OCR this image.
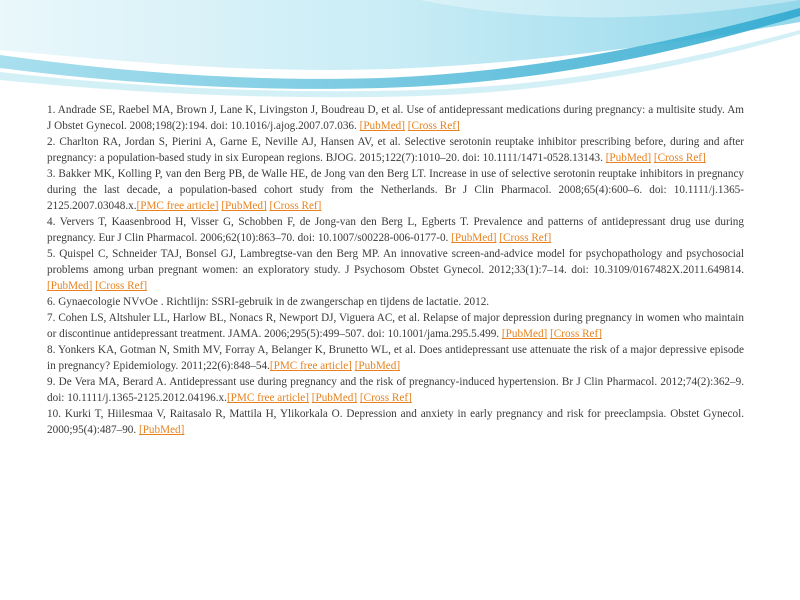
1. Andrade SE, Raebel MA, Brown J, Lane K, Livingston J, Boudreau D, et al. Use of antidepressant medications during pregnancy: a multisite study. Am J Obstet Gynecol. 2008;198(2):194. doi: 10.1016/j.ajog.2007.07.036. [PubMed] [Cross Ref]

2. Charlton RA, Jordan S, Pierini A, Garne E, Neville AJ, Hansen AV, et al. Selective serotonin reuptake inhibitor prescribing before, during and after pregnancy: a population-based study in six European regions. BJOG. 2015;122(7):1010–20. doi: 10.1111/1471-0528.13143. [PubMed] [Cross Ref]

3. Bakker MK, Kolling P, van den Berg PB, de Walle HE, de Jong van den Berg LT. Increase in use of selective serotonin reuptake inhibitors in pregnancy during the last decade, a population-based cohort study from the Netherlands. Br J Clin Pharmacol. 2008;65(4):600–6. doi: 10.1111/j.1365-2125.2007.03048.x.[PMC free article] [PubMed] [Cross Ref]

4. Ververs T, Kaasenbrood H, Visser G, Schobben F, de Jong-van den Berg L, Egberts T. Prevalence and patterns of antidepressant drug use during pregnancy. Eur J Clin Pharmacol. 2006;62(10):863–70. doi: 10.1007/s00228-006-0177-0. [PubMed] [Cross Ref]

5. Quispel C, Schneider TAJ, Bonsel GJ, Lambregtse-van den Berg MP. An innovative screen-and-advice model for psychopathology and psychosocial problems among urban pregnant women: an exploratory study. J Psychosom Obstet Gynecol. 2012;33(1):7–14. doi: 10.3109/0167482X.2011.649814. [PubMed] [Cross Ref]

6. Gynaecologie NVvOe . Richtlijn: SSRI-gebruik in de zwangerschap en tijdens de lactatie. 2012.

7. Cohen LS, Altshuler LL, Harlow BL, Nonacs R, Newport DJ, Viguera AC, et al. Relapse of major depression during pregnancy in women who maintain or discontinue antidepressant treatment. JAMA. 2006;295(5):499–507. doi: 10.1001/jama.295.5.499. [PubMed] [Cross Ref]

8. Yonkers KA, Gotman N, Smith MV, Forray A, Belanger K, Brunetto WL, et al. Does antidepressant use attenuate the risk of a major depressive episode in pregnancy? Epidemiology. 2011;22(6):848–54.[PMC free article] [PubMed]

9. De Vera MA, Berard A. Antidepressant use during pregnancy and the risk of pregnancy-induced hypertension. Br J Clin Pharmacol. 2012;74(2):362–9. doi: 10.1111/j.1365-2125.2012.04196.x.[PMC free article] [PubMed] [Cross Ref]

10. Kurki T, Hiilesmaa V, Raitasalo R, Mattila H, Ylikorkala O. Depression and anxiety in early pregnancy and risk for preeclampsia. Obstet Gynecol. 2000;95(4):487–90. [PubMed]
